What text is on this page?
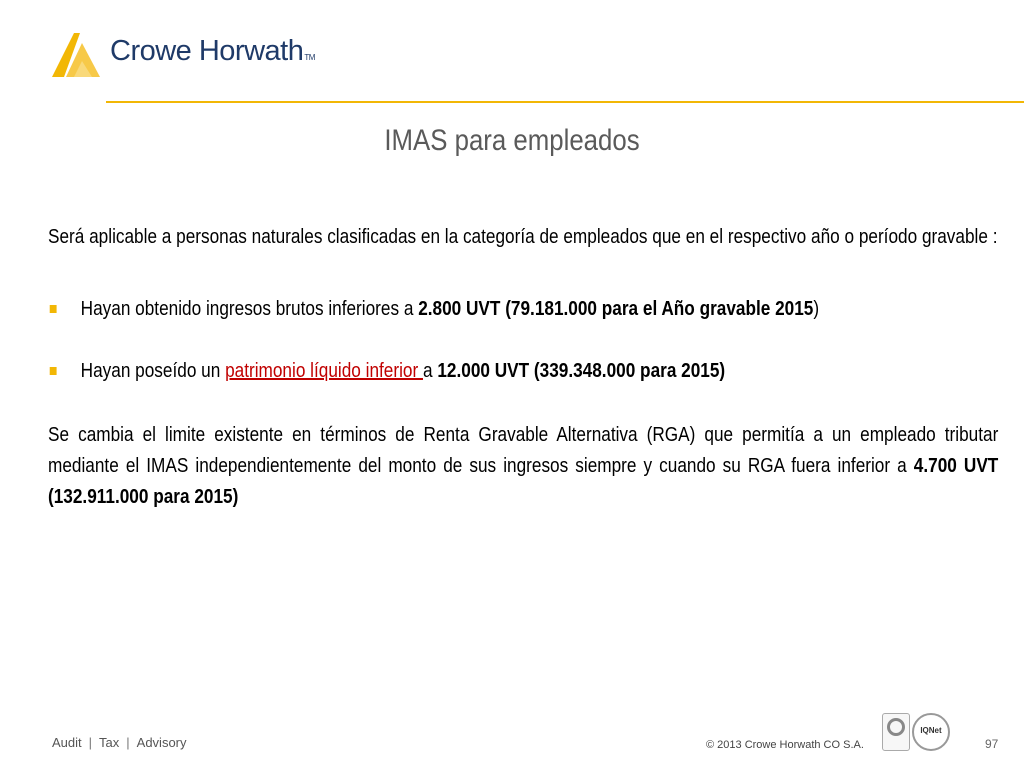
Crowe HorwathTM
IMAS para empleados

Será aplicable a personas naturales clasificadas en la categoría de empleados que en el respectivo año o período gravable :

Hayan obtenido ingresos brutos inferiores a 2.800 UVT (79.181.000 para el Año gravable 2015)

Hayan poseído un patrimonio líquido inferior a 12.000 UVT (339.348.000 para 2015)

Se cambia el limite existente en términos de Renta Gravable Alternativa (RGA) que permitía a un empleado tributar mediante el IMAS independientemente del monto de sus ingresos siempre y cuando su RGA fuera inferior a 4.700 UVT (132.911.000 para 2015)

Audit | Tax | Advisory	© 2013 Crowe Horwath CO S.A.
IQNet
97
